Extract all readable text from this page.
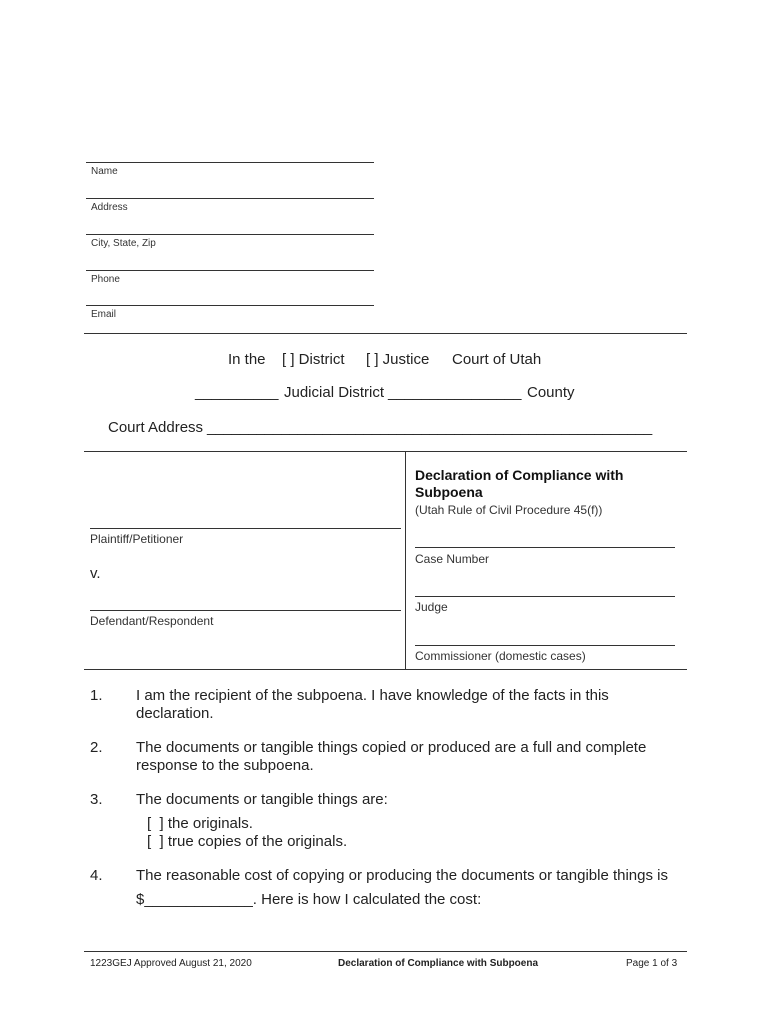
Name
Address
City, State, Zip
Phone
Email
In the [ ] District [ ] Justice Court of Utah
__________ Judicial District ________________ County
Court Address ______________________________________________________
Declaration of Compliance with Subpoena
(Utah Rule of Civil Procedure 45(f))
Plaintiff/Petitioner
v.
Defendant/Respondent
Case Number
Judge
Commissioner (domestic cases)
1. I am the recipient of the subpoena. I have knowledge of the facts in this declaration.
2. The documents or tangible things copied or produced are a full and complete response to the subpoena.
3. The documents or tangible things are:
[  ] the originals.
[  ] true copies of the originals.
4. The reasonable cost of copying or producing the documents or tangible things is
$_____________. Here is how I calculated the cost:
1223GEJ Approved August 21, 2020	Declaration of Compliance with Subpoena	Page 1 of 3
